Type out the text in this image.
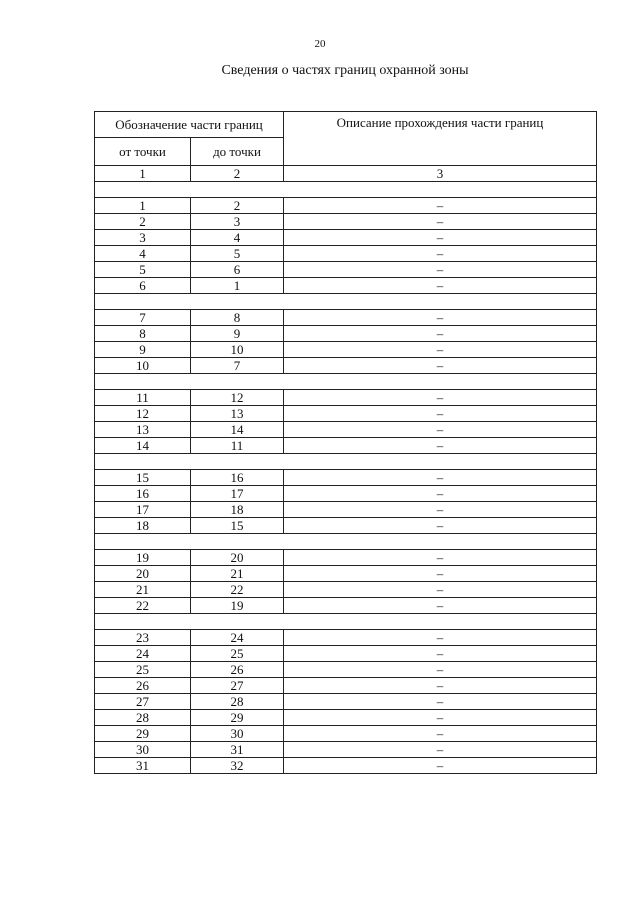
20
Сведения о частях границ охранной зоны
Обозначение части границ		Описание прохождения части границ
от точки	до точки	
1	2	3

1	2	–
2	3	–
3	4	–
4	5	–
5	6	–
6	1	–

7	8	–
8	9	–
9	10	–
10	7	–

11	12	–
12	13	–
13	14	–
14	11	–

15	16	–
16	17	–
17	18	–
18	15	–

19	20	–
20	21	–
21	22	–
22	19	–

23	24	–
24	25	–
25	26	–
26	27	–
27	28	–
28	29	–
29	30	–
30	31	–
31	32	–
